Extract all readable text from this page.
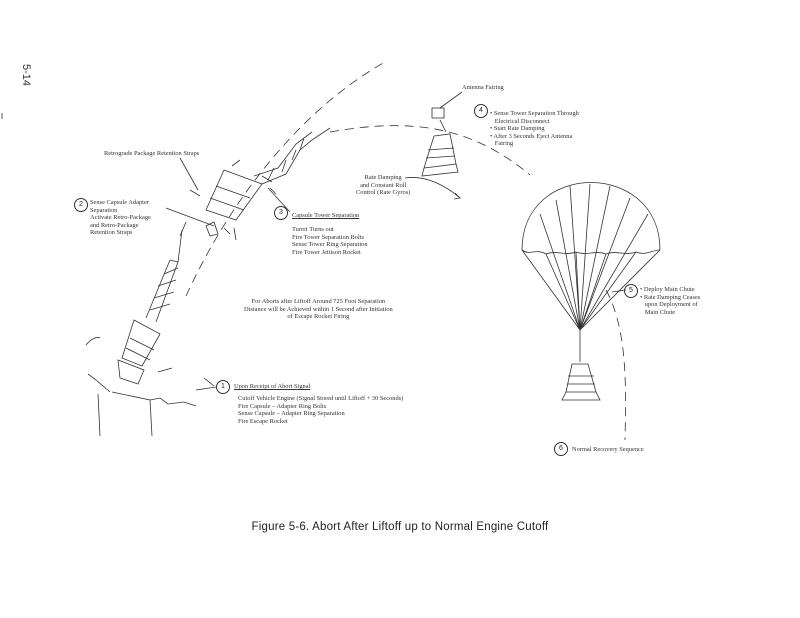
5-14
Antenna Fairing
Retrograde Package Retention Straps
2	Sense Capsule Adapter
Separation
Activate Retro-Package
and Retro-Package
Retention Straps
3	Capsule Tower Separation
Turret Turns out
Fire Tower Separation Bolts
Sense Tower Ring Separation
Fire Tower Jettison Rocket
4	• Sense Tower Separation Through
Electrical Disconnect
• Start Rate Damping
• After 3 Seconds Eject Antenna
Fairing
Rate Damping
and Constant Roll
Control (Rate Gyros)
For Aborts after Liftoff Around 725 Foot Separation
Distance will be Achieved within 1 Second after Initiation
of Escape Rocket Firing
1	Upon Receipt of Abort Signal
Cutoff Vehicle Engine (Signal Stored until Liftoff + 30 Seconds)
Fire Capsule – Adapter Ring Bolts
Sense Capsule – Adapter Ring Separation
Fire Escape Rocket
5	• Deploy Main Chute
• Rate Damping Ceases
upon Deployment of
Main Chute
6	Normal Recovery Sequence
Figure 5-6. Abort After Liftoff up to Normal Engine Cutoff
